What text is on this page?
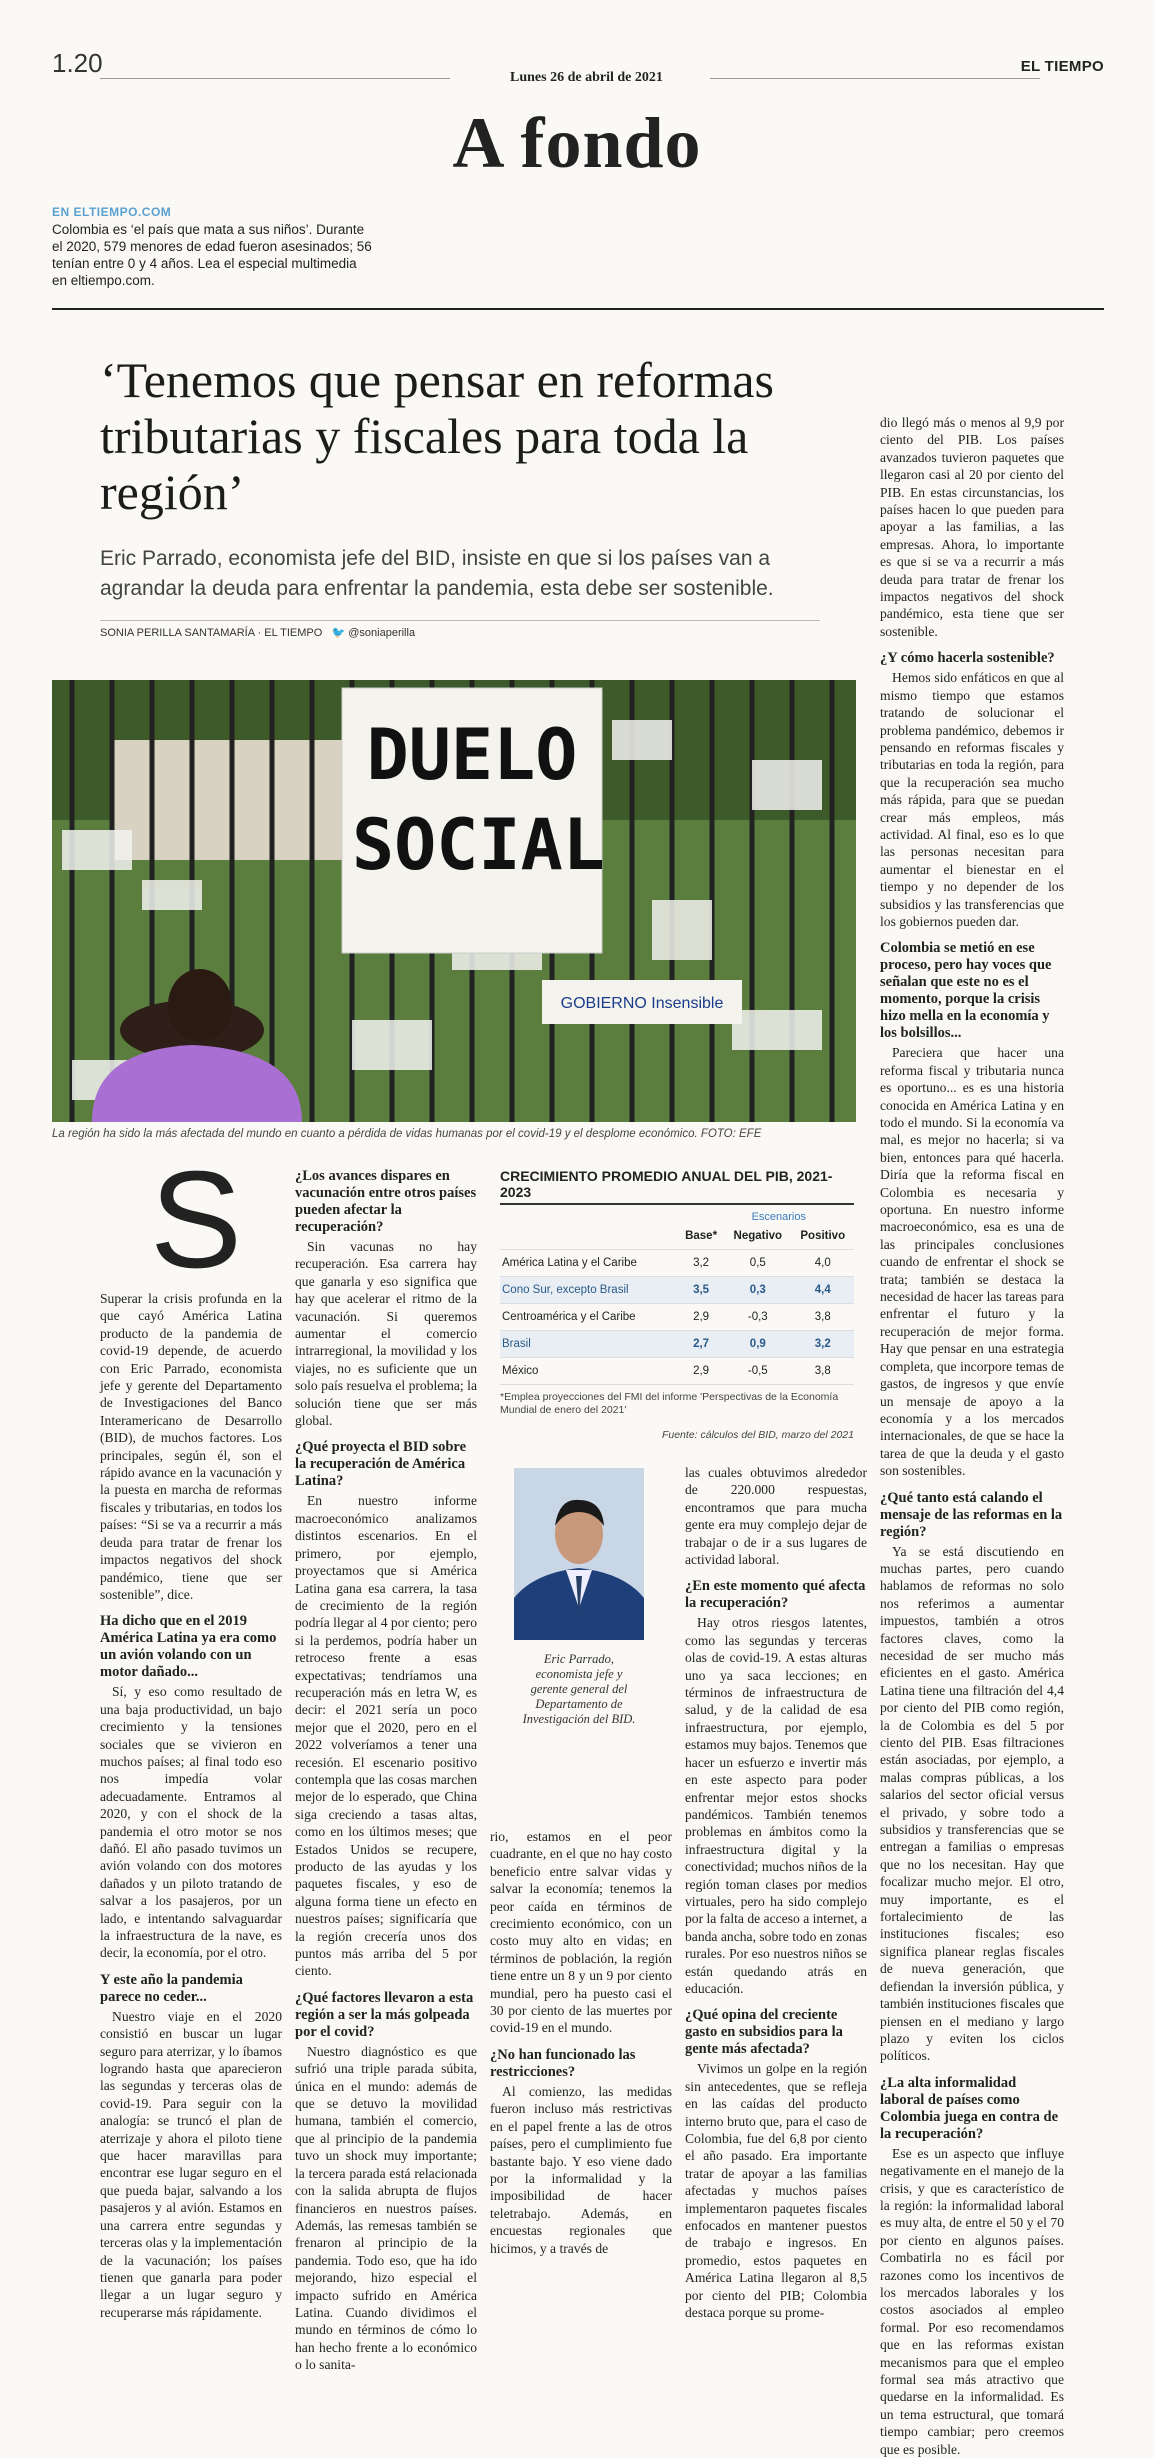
1.20	Lunes 26 de abril de 2021
EL TIEMPO
A fondo
EN ELTIEMPO.COM
Colombia es ‘el país que mata a sus niños’. Durante el 2020, 579 menores de edad fueron asesinados; 56 tenían entre 0 y 4 años. Lea el especial multimedia en eltiempo.com.
‘Tenemos que pensar en reformas tributarias y fiscales para toda la región’
Eric Parrado, economista jefe del BID, insiste en que si los países van a agrandar la deuda para enfrentar la pandemia, esta debe ser sostenible.
SONIA PERILLA SANTAMARÍA · EL TIEMPO 🐦 @soniaperilla
GOBIERNO Insensible
DUELO SOCIAL
La región ha sido la más afectada del mundo en cuanto a pérdida de vidas humanas por el covid-19 y el desplome económico. FOTO: EFE
S

Superar la crisis profunda en la que cayó América Latina producto de la pandemia de covid-19 depende, de acuerdo con Eric Parrado, economista jefe y gerente del Departamento de Investigaciones del Banco Interamericano de Desarrollo (BID), de muchos factores. Los principales, según él, son el rápido avance en la vacunación y la puesta en marcha de reformas fiscales y tributarias, en todos los países: “Si se va a recurrir a más deuda para tratar de frenar los impactos negativos del shock pandémico, tiene que ser sostenible”, dice.

Ha dicho que en el 2019 América Latina ya era como un avión volando con un motor dañado...

Sí, y eso como resultado de una baja productividad, un bajo crecimiento y la tensiones sociales que se vivieron en muchos países; al final todo eso nos impedía volar adecuadamente. Entramos al 2020, y con el shock de la pandemia el otro motor se nos dañó. El año pasado tuvimos un avión volando con dos motores dañados y un piloto tratando de salvar a los pasajeros, por un lado, e intentando salvaguardar la infraestructura de la nave, es decir, la economía, por el otro.

Y este año la pandemia parece no ceder...

Nuestro viaje en el 2020 consistió en buscar un lugar seguro para aterrizar, y lo íbamos logrando hasta que aparecieron las segundas y terceras olas de covid-19. Para seguir con la analogía: se truncó el plan de aterrizaje y ahora el piloto tiene que hacer maravillas para encontrar ese lugar seguro en el que pueda bajar, salvando a los pasajeros y al avión. Estamos en una carrera entre segundas y terceras olas y la implementación de la vacunación; los países tienen que ganarla para poder llegar a un lugar seguro y recuperarse más rápidamente.

¿Los avances dispares en vacunación entre otros países pueden afectar la recuperación?

Sin vacunas no hay recuperación. Esa carrera hay que ganarla y eso significa que hay que acelerar el ritmo de la vacunación. Si queremos aumentar el comercio intrarregional, la movilidad y los viajes, no es suficiente que un solo país resuelva el problema; la solución tiene que ser más global.

¿Qué proyecta el BID sobre la recuperación de América Latina?

En nuestro informe macroeconómico analizamos distintos escenarios. En el primero, por ejemplo, proyectamos que si América Latina gana esa carrera, la tasa de crecimiento de la región podría llegar al 4 por ciento; pero si la perdemos, podría haber un retroceso frente a esas expectativas; tendríamos una recuperación más en letra W, es decir: el 2021 sería un poco mejor que el 2020, pero en el 2022 volveríamos a tener una recesión. El escenario positivo contempla que las cosas marchen mejor de lo esperado, que China siga creciendo a tasas altas, como en los últimos meses; que Estados Unidos se recupere, producto de las ayudas y los paquetes fiscales, y eso de alguna forma tiene un efecto en nuestros países; significaría que la región crecería unos dos puntos más arriba del 5 por ciento.

¿Qué factores llevaron a esta región a ser la más golpeada por el covid?

Nuestro diagnóstico es que sufrió una triple parada súbita, única en el mundo: además de que se detuvo la movilidad humana, también el comercio, que al principio de la pandemia tuvo un shock muy importante; la tercera parada está relacionada con la salida abrupta de flujos financieros en nuestros países. Además, las remesas también se frenaron al principio de la pandemia. Todo eso, que ha ido mejorando, hizo especial el impacto sufrido en América Latina. Cuando dividimos el mundo en términos de cómo lo han hecho frente a lo económico o lo sanita-

CRECIMIENTO PROMEDIO ANUAL DEL PIB, 2021-2023
Escenarios
	Base*	Negativo	Positivo
América Latina y el Caribe	3,2	0,5	4,0
Cono Sur, excepto Brasil	3,5	0,3	4,4
Centroamérica y el Caribe	2,9	-0,3	3,8
Brasil	2,7	0,9	3,2
México	2,9	-0,5	3,8
*Emplea proyecciones del FMI del informe 'Perspectivas de la Economía Mundial de enero del 2021'
Fuente: cálculos del BID, marzo del 2021
Eric Parrado, economista jefe y gerente general del Departamento de Investigación del BID.

rio, estamos en el peor cuadrante, en el que no hay costo beneficio entre salvar vidas y salvar la economía; tenemos la peor caída en términos de crecimiento económico, con un costo muy alto en vidas; en términos de población, la región tiene entre un 8 y un 9 por ciento mundial, pero ha puesto casi el 30 por ciento de las muertes por covid-19 en el mundo.

¿No han funcionado las restricciones?

Al comienzo, las medidas fueron incluso más restrictivas en el papel frente a las de otros países, pero el cumplimiento fue bastante bajo. Y eso viene dado por la informalidad y la imposibilidad de hacer teletrabajo. Además, en encuestas regionales que hicimos, y a través de

las cuales obtuvimos alrededor de 220.000 respuestas, encontramos que para mucha gente era muy complejo dejar de trabajar o de ir a sus lugares de actividad laboral.

¿En este momento qué afecta la recuperación?

Hay otros riesgos latentes, como las segundas y terceras olas de covid-19. A estas alturas uno ya saca lecciones; en términos de infraestructura de salud, y de la calidad de esa infraestructura, por ejemplo, estamos muy bajos. Tenemos que hacer un esfuerzo e invertir más en este aspecto para poder enfrentar mejor estos shocks pandémicos. También tenemos problemas en ámbitos como la infraestructura digital y la conectividad; muchos niños de la región toman clases por medios virtuales, pero ha sido complejo por la falta de acceso a internet, a banda ancha, sobre todo en zonas rurales. Por eso nuestros niños se están quedando atrás en educación.

¿Qué opina del creciente gasto en subsidios para la gente más afectada?

Vivimos un golpe en la región sin antecedentes, que se refleja en las caídas del producto interno bruto que, para el caso de Colombia, fue del 6,8 por ciento el año pasado. Era importante tratar de apoyar a las familias afectadas y muchos países implementaron paquetes fiscales enfocados en mantener puestos de trabajo e ingresos. En promedio, estos paquetes en América Latina llegaron al 8,5 por ciento del PIB; Colombia destaca porque su prome-

dio llegó más o menos al 9,9 por ciento del PIB. Los países avanzados tuvieron paquetes que llegaron casi al 20 por ciento del PIB. En estas circunstancias, los países hacen lo que pueden para apoyar a las familias, a las empresas. Ahora, lo importante es que si se va a recurrir a más deuda para tratar de frenar los impactos negativos del shock pandémico, esta tiene que ser sostenible.

¿Y cómo hacerla sostenible?

Hemos sido enfáticos en que al mismo tiempo que estamos tratando de solucionar el problema pandémico, debemos ir pensando en reformas fiscales y tributarias en toda la región, para que la recuperación sea mucho más rápida, para que se puedan crear más empleos, más actividad. Al final, eso es lo que las personas necesitan para aumentar el bienestar en el tiempo y no depender de los subsidios y las transferencias que los gobiernos pueden dar.

Colombia se metió en ese proceso, pero hay voces que señalan que este no es el momento, porque la crisis hizo mella en la economía y los bolsillos...

Pareciera que hacer una reforma fiscal y tributaria nunca es oportuno... es es una historia conocida en América Latina y en todo el mundo. Si la economía va mal, es mejor no hacerla; si va bien, entonces para qué hacerla. Diría que la reforma fiscal en Colombia es necesaria y oportuna. En nuestro informe macroeconómico, esa es una de las principales conclusiones cuando de enfrentar el shock se trata; también se destaca la necesidad de hacer las tareas para enfrentar el futuro y la recuperación de mejor forma. Hay que pensar en una estrategia completa, que incorpore temas de gastos, de ingresos y que envíe un mensaje de apoyo a la economía y a los mercados internacionales, de que se hace la tarea de que la deuda y el gasto son sostenibles.

¿Qué tanto está calando el mensaje de las reformas en la región?

Ya se está discutiendo en muchas partes, pero cuando hablamos de reformas no solo nos referimos a aumentar impuestos, también a otros factores claves, como la necesidad de ser mucho más eficientes en el gasto. América Latina tiene una filtración del 4,4 por ciento del PIB como región, la de Colombia es del 5 por ciento del PIB. Esas filtraciones están asociadas, por ejemplo, a malas compras públicas, a los salarios del sector oficial versus el privado, y sobre todo a subsidios y transferencias que se entregan a familias o empresas que no los necesitan. Hay que focalizar mucho mejor. El otro, muy importante, es el fortalecimiento de las instituciones fiscales; eso significa planear reglas fiscales de nueva generación, que defiendan la inversión pública, y también instituciones fiscales que piensen en el mediano y largo plazo y eviten los ciclos políticos.

¿La alta informalidad laboral de países como Colombia juega en contra de la recuperación?

Ese es un aspecto que influye negativamente en el manejo de la crisis, y que es característico de la región: la informalidad laboral es muy alta, de entre el 50 y el 70 por ciento en algunos países. Combatirla no es fácil por razones como los incentivos de los mercados laborales y los costos asociados al empleo formal. Por eso recomendamos que en las reformas existan mecanismos para que el empleo formal sea más atractivo que quedarse en la informalidad. Es un tema estructural, que tomará tiempo cambiar; pero creemos que es posible.
